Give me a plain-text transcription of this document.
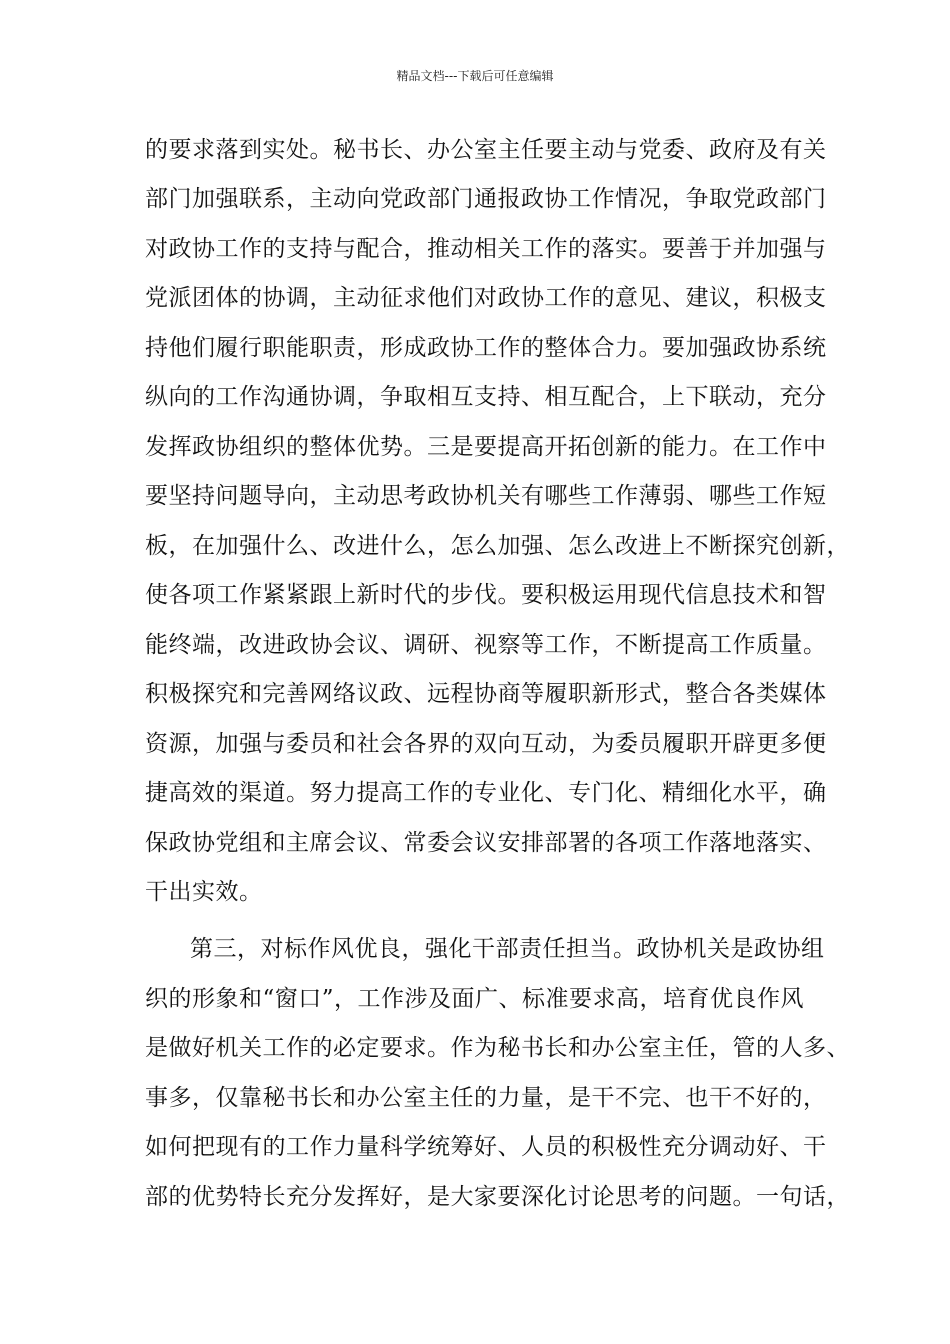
精品文档---下载后可任意编辑
的要求落到实处。秘书长、办公室主任要主动与党委、政府及有关
部门加强联系，主动向党政部门通报政协工作情况，争取党政部门
对政协工作的支持与配合，推动相关工作的落实。要善于并加强与
党派团体的协调，主动征求他们对政协工作的意见、建议，积极支
持他们履行职能职责，形成政协工作的整体合力。要加强政协系统
纵向的工作沟通协调，争取相互支持、相互配合，上下联动，充分
发挥政协组织的整体优势。三是要提高开拓创新的能力。在工作中
要坚持问题导向，主动思考政协机关有哪些工作薄弱、哪些工作短
板，在加强什么、改进什么，怎么加强、怎么改进上不断探究创新，
使各项工作紧紧跟上新时代的步伐。要积极运用现代信息技术和智
能终端，改进政协会议、调研、视察等工作，不断提高工作质量。
积极探究和完善网络议政、远程协商等履职新形式，整合各类媒体
资源，加强与委员和社会各界的双向互动，为委员履职开辟更多便
捷高效的渠道。努力提高工作的专业化、专门化、精细化水平，确
保政协党组和主席会议、常委会议安排部署的各项工作落地落实、
干出实效。
第三，对标作风优良，强化干部责任担当。政协机关是政协组
织的形象和“窗口”，工作涉及面广、标准要求高，培育优良作风
是做好机关工作的必定要求。作为秘书长和办公室主任，管的人多、
事多，仅靠秘书长和办公室主任的力量，是干不完、也干不好的，
如何把现有的工作力量科学统筹好、人员的积极性充分调动好、干
部的优势特长充分发挥好，是大家要深化讨论思考的问题。一句话，
